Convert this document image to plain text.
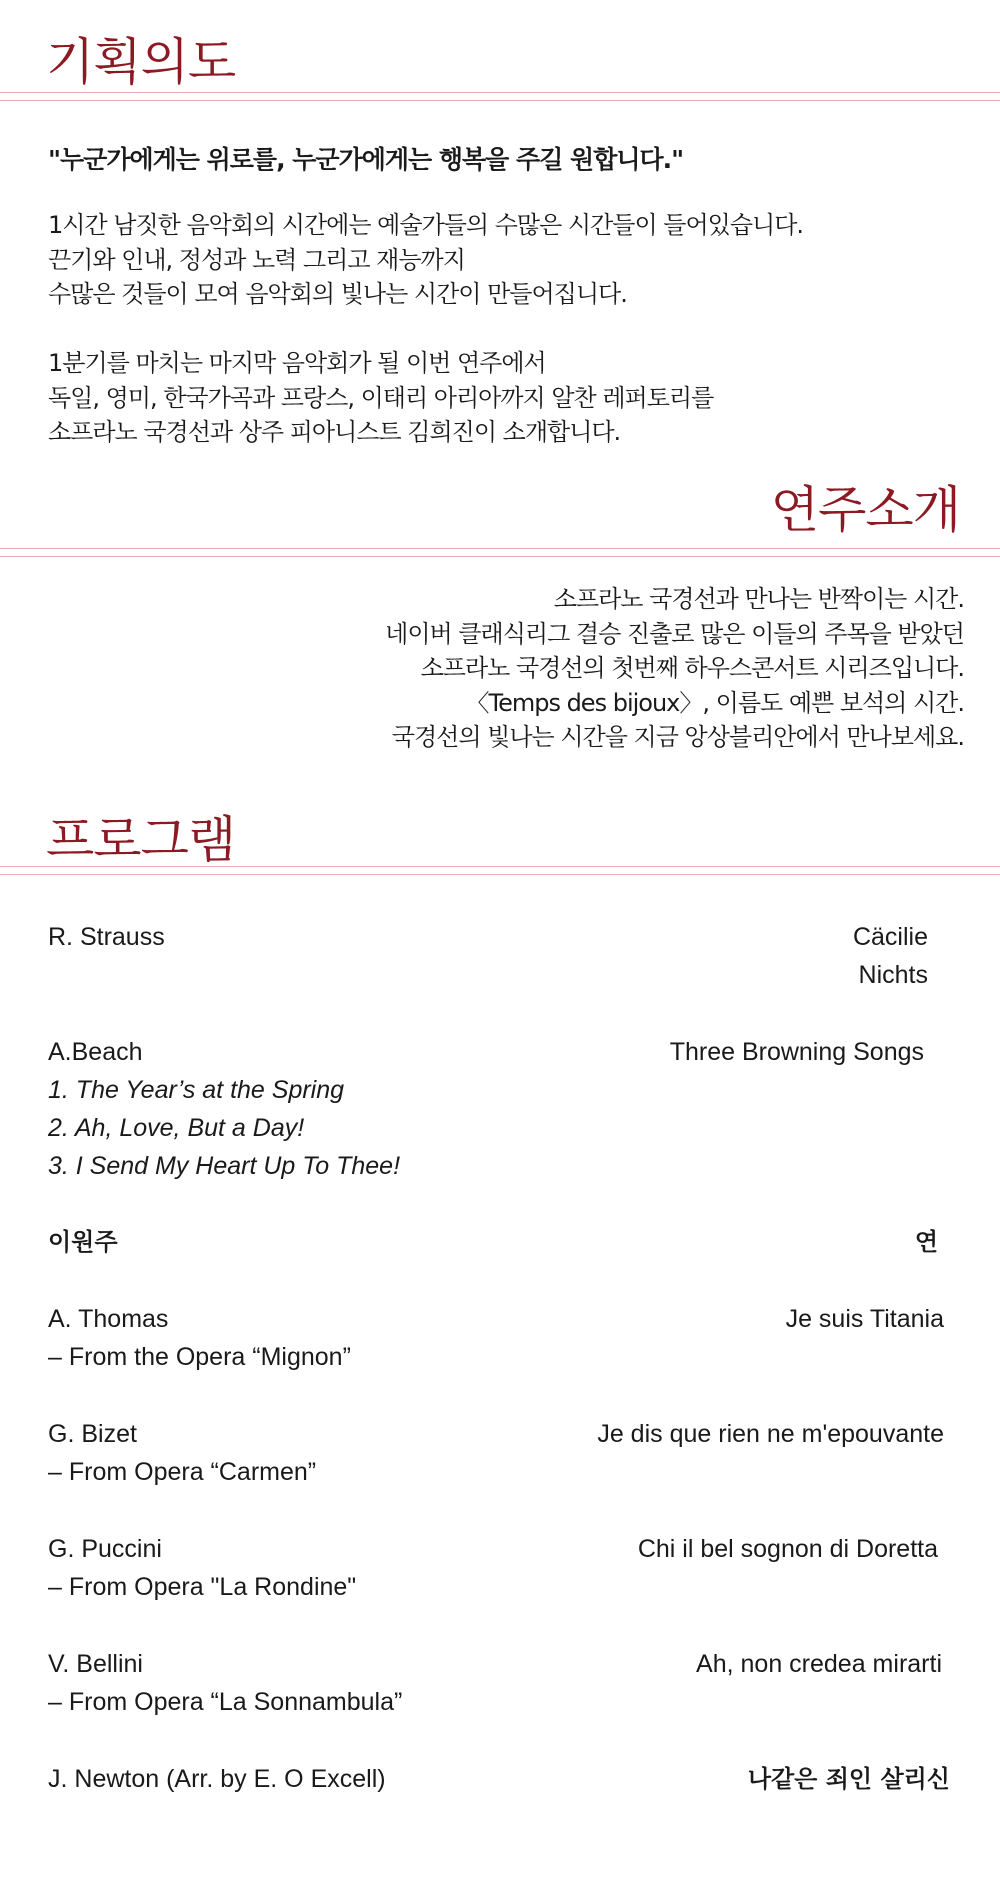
기획의도

"누군가에게는 위로를, 누군가에게는 행복을 주길 원합니다."

1시간 남짓한 음악회의 시간에는 예술가들의 수많은 시간들이 들어있습니다.
끈기와 인내, 정성과 노력 그리고 재능까지
수많은 것들이 모여 음악회의 빛나는 시간이 만들어집니다.

1분기를 마치는 마지막 음악회가 될 이번 연주에서
독일, 영미, 한국가곡과 프랑스, 이태리 아리아까지 알찬 레퍼토리를
소프라노 국경선과 상주 피아니스트 김희진이 소개합니다.

연주소개

소프라노 국경선과 만나는 반짝이는 시간.
네이버 클래식리그 결승 진출로 많은 이들의 주목을 받았던
소프라노 국경선의 첫번째 하우스콘서트 시리즈입니다.
〈Temps des bijoux〉, 이름도 예쁜 보석의 시간.
국경선의 빛나는 시간을 지금 앙상블리안에서 만나보세요.

프로그램
R. Strauss	Cäcilie
Nichts
A.Beach	Three Browning Songs
1. The Year’s at the Spring
2. Ah, Love, But a Day!
3. I Send My Heart Up To Thee!
이원주	연
A. Thomas	Je suis Titania
– From the Opera “Mignon”
G. Bizet	Je dis que rien ne m'epouvante
– From Opera “Carmen”
G. Puccini	Chi il bel sognon di Doretta
– From Opera "La Rondine"
V. Bellini	Ah, non credea mirarti
– From Opera “La Sonnambula”
J. Newton (Arr. by E. O Excell)	나같은 죄인 살리신
